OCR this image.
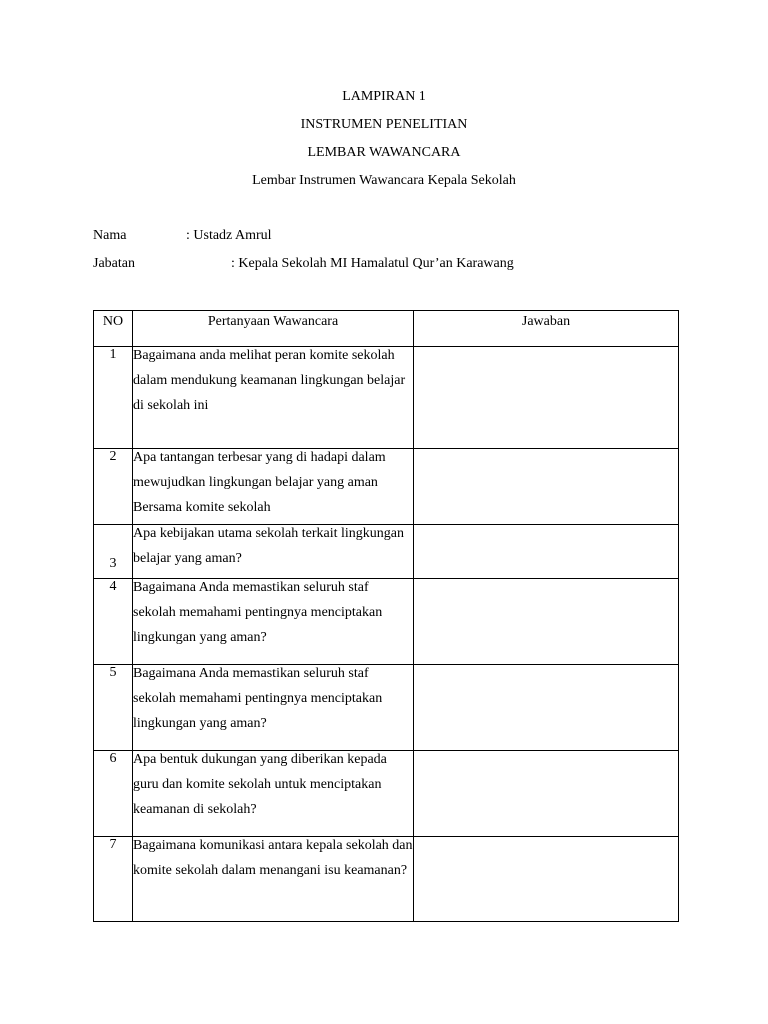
LAMPIRAN 1
INSTRUMEN PENELITIAN
LEMBAR WAWANCARA
Lembar Instrumen Wawancara Kepala Sekolah
Nama	: Ustadz Amrul
Jabatan	: Kepala Sekolah MI Hamalatul Qur’an Karawang
NO	Pertanyaan Wawancara	Jawaban

1	Bagaimana anda melihat peran komite sekolah dalam mendukung keamanan lingkungan belajar di sekolah ini	

2	Apa tantangan terbesar yang di hadapi dalam mewujudkan lingkungan belajar yang aman Bersama komite sekolah	

3	Apa kebijakan utama sekolah terkait lingkungan belajar yang aman?	

4	Bagaimana Anda memastikan seluruh staf sekolah memahami pentingnya menciptakan lingkungan yang aman?	

5	Bagaimana Anda memastikan seluruh staf sekolah memahami pentingnya menciptakan lingkungan yang aman?	

6	Apa bentuk dukungan yang diberikan kepada guru dan komite sekolah untuk menciptakan keamanan di sekolah?	

7	Bagaimana komunikasi antara kepala sekolah dan komite sekolah dalam menangani isu keamanan?	
